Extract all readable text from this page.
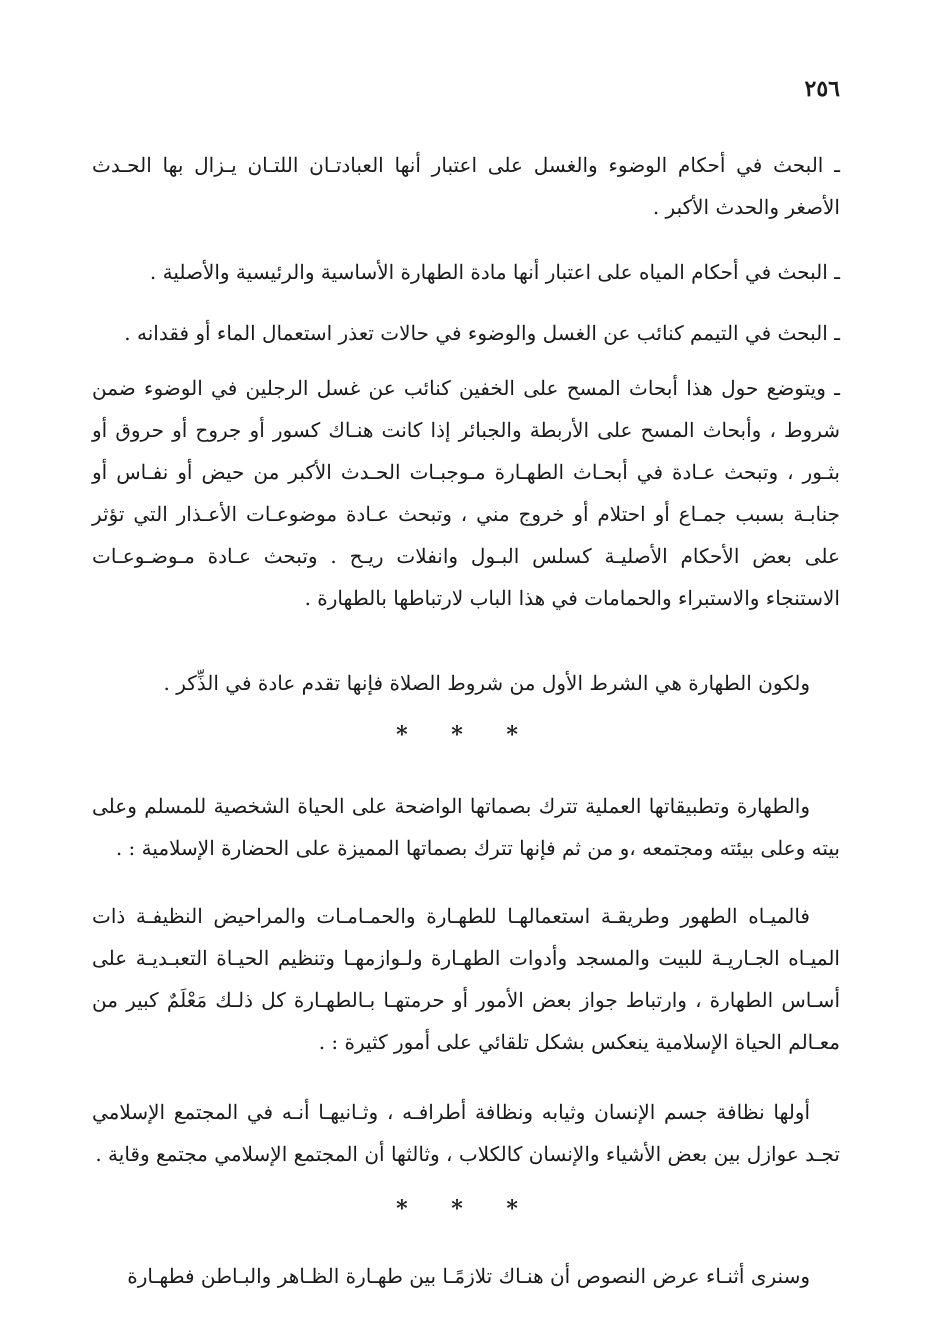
٢٥٦
ـ البحث في أحكام الوضوء والغسل على اعتبار أنها العبادتـان اللتـان يـزال بها الحـدث الأصغر والحدث الأكبر .
ـ البحث في أحكام المياه على اعتبار أنها مادة الطهارة الأساسية والرئيسية والأصلية .
ـ البحث في التيمم كنائب عن الغسل والوضوء في حالات تعذر استعمال الماء أو فقدانه .
ـ ويتوضع حول هذا أبحاث المسح على الخفين كنائب عن غسل الرجلين في الوضوء ضمن شروط ، وأبحاث المسح على الأربطة والجبائر إذا كانت هنـاك كسور أو جروح أو حروق أو بثـور ، وتبحث عـادة في أبحـاث الطهـارة مـوجبـات الحـدث الأكبر من حيض أو نفـاس أو جنابـة بسبب جمـاع أو احتلام أو خروج مني ، وتبحث عـادة موضوعـات الأعـذار التي تؤثر على بعض الأحكام الأصليـة كسلس البـول وانفلات ريـح . وتبحث عـادة مـوضـوعـات الاستنجاء والاستبراء والحمامات في هذا الباب لارتباطها بالطهارة .
ولكون الطهارة هي الشرط الأول من شروط الصلاة فإنها تقدم عادة في الذِّكر .
* * *
والطهارة وتطبيقاتها العملية تترك بصماتها الواضحة على الحياة الشخصية للمسلم وعلى بيته وعلى بيئته ومجتمعه ،و من ثم فإنها تترك بصماتها المميزة على الحضارة الإسلامية : .
فالميـاه الطهور وطريقـة استعمالهـا للطهـارة والحمـامـات والمراحيض النظيفـة ذات الميـاه الجـاريـة للبيت والمسجد وأدوات الطهـارة ولـوازمهـا وتنظيم الحيـاة التعبـديـة على أسـاس الطهارة ، وارتباط جواز بعض الأمور أو حرمتهـا بـالطهـارة كل ذلـك مَعْلَمٌ كبير من معـالم الحياة الإسلامية ينعكس بشكل تلقائي على أمور كثيرة : .
أولها نظافة جسم الإنسان وثيابه ونظافة أطرافـه ، وثـانيهـا أنـه في المجتمع الإسلامي تجـد عوازل بين بعض الأشياء والإنسان كالكلاب ، وثالثها أن المجتمع الإسلامي مجتمع وقاية .
* * *
وسنرى أثنـاء عرض النصوص أن هنـاك تلازمًـا بين طهـارة الظـاهر والبـاطن فطهـارة
